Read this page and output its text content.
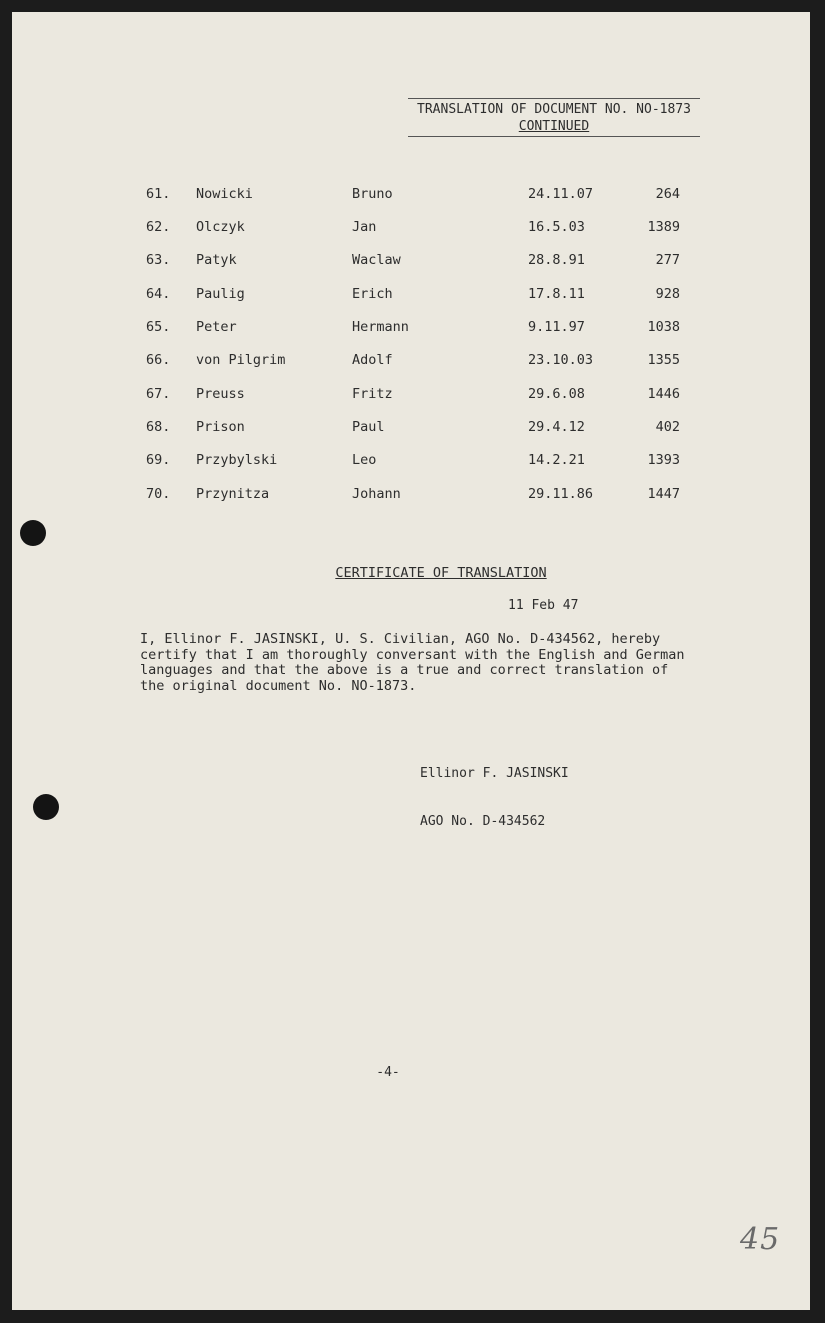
TRANSLATION OF DOCUMENT NO. NO-1873
CONTINUED
61. Nowicki	Bruno	24.11.07	264
62. Olczyk	Jan	16.5.03	1389
63. Patyk	Waclaw	28.8.91	277
64. Paulig	Erich	17.8.11	928
65. Peter	Hermann	9.11.97	1038
66. von Pilgrim	Adolf	23.10.03	1355
67. Preuss	Fritz	29.6.08	1446
68. Prison	Paul	29.4.12	402
69. Przybylski	Leo	14.2.21	1393
70. Przynitza	Johann	29.11.86	1447
CERTIFICATE OF TRANSLATION
11 Feb 47
I, Ellinor F. JASINSKI, U. S. Civilian, AGO No. D-434562, hereby
certify that I am thoroughly conversant with the English and German
languages and that the above is a true and correct translation of
the original document No. NO-1873.

Ellinor F. JASINSKI

AGO No. D-434562

-4-
45
